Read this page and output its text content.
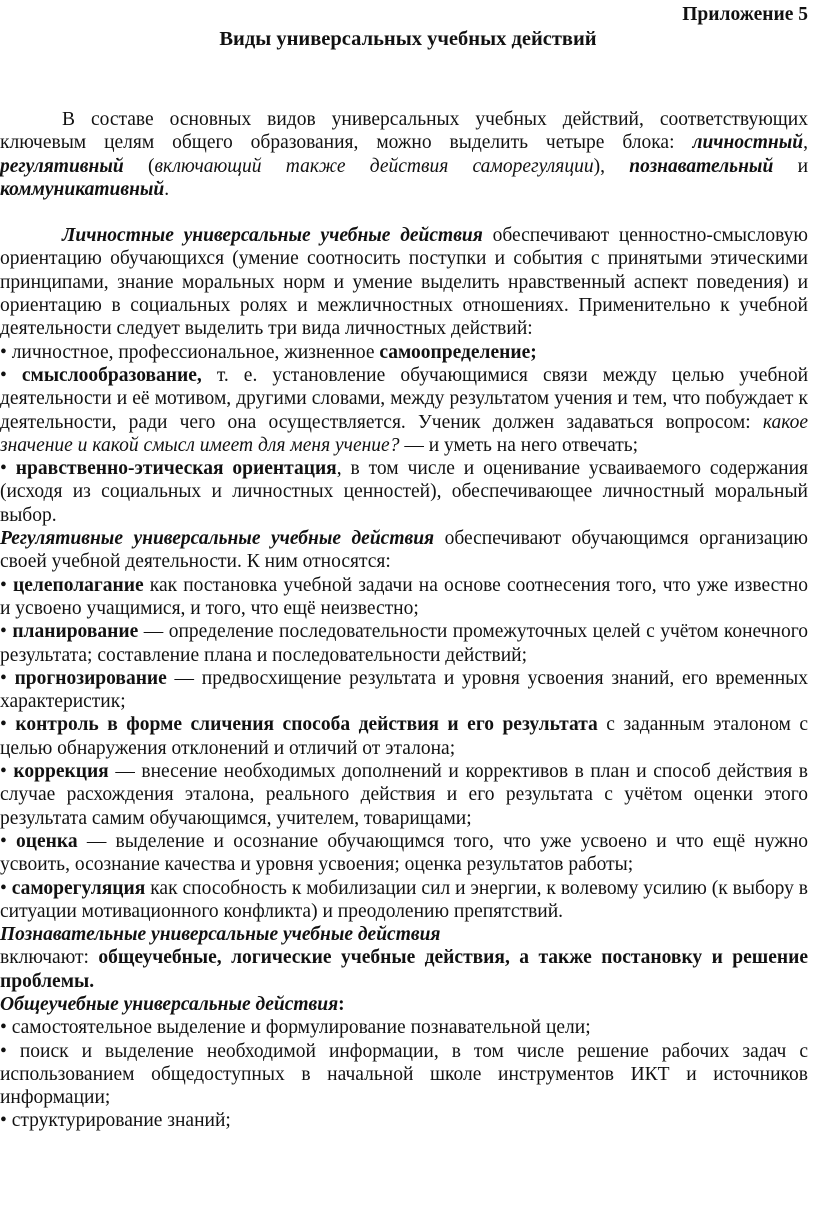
Приложение 5
Виды универсальных учебных действий

В составе основных видов универсальных учебных действий, соответствующих ключевым целям общего образования, можно выделить четыре блока: личностный, регулятивный (включающий также действия саморегуляции), познавательный и коммуникативный.

Личностные универсальные учебные действия обеспечивают ценностно-смысловую ориентацию обучающихся (умение соотносить поступки и события с принятыми этическими принципами, знание моральных норм и умение выделить нравственный аспект поведения) и ориентацию в социальных ролях и межличностных отношениях. Применительно к учебной деятельности следует выделить три вида личностных действий:

• личностное, профессиональное, жизненное самоопределение;

• смыслообразование, т. е. установление обучающимися связи между целью учебной деятельности и её мотивом, другими словами, между результатом учения и тем, что побуждает к деятельности, ради чего она осуществляется. Ученик должен задаваться вопросом: какое значение и какой смысл имеет для меня учение? — и уметь на него отвечать;

• нравственно-этическая ориентация, в том числе и оценивание усваиваемого содержания (исходя из социальных и личностных ценностей), обеспечивающее личностный моральный выбор.

Регулятивные универсальные учебные действия обеспечивают обучающимся организацию своей учебной деятельности. К ним относятся:

• целеполагание как постановка учебной задачи на основе соотнесения того, что уже известно и усвоено учащимися, и того, что ещё неизвестно;

• планирование — определение последовательности промежуточных целей с учётом конечного результата; составление плана и последовательности действий;

• прогнозирование — предвосхищение результата и уровня усвоения знаний, его временных характеристик;

• контроль в форме сличения способа действия и его результата с заданным эталоном с целью обнаружения отклонений и отличий от эталона;

• коррекция — внесение необходимых дополнений и коррективов в план и способ действия в случае расхождения эталона, реального действия и его результата с учётом оценки этого результата самим обучающимся, учителем, товарищами;

• оценка — выделение и осознание обучающимся того, что уже усвоено и что ещё нужно усвоить, осознание качества и уровня усвоения; оценка результатов работы;

• саморегуляция как способность к мобилизации сил и энергии, к волевому усилию (к выбору в ситуации мотивационного конфликта) и преодолению препятствий.

Познавательные универсальные учебные действия

включают: общеучебные, логические учебные действия, а также постановку и решение проблемы.

Общеучебные универсальные действия:

• самостоятельное выделение и формулирование познавательной цели;

• поиск и выделение необходимой информации, в том числе решение рабочих задач с использованием общедоступных в начальной школе инструментов ИКТ и источников информации;

• структурирование знаний;
